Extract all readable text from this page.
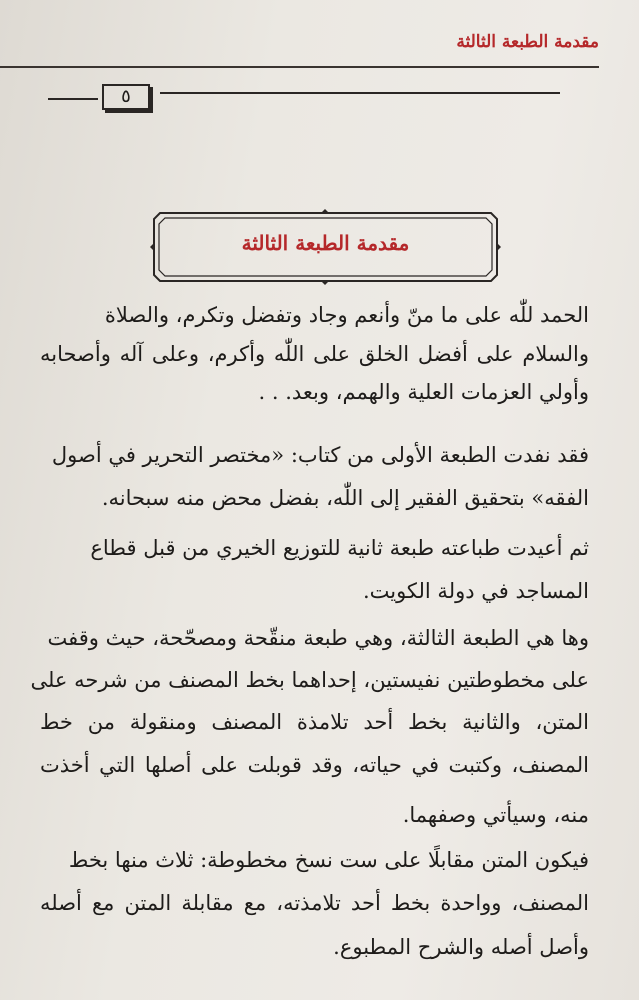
مقدمة الطبعة الثالثة
٥
مقدمة الطبعة الثالثة
الحمد للّٰه على ما منّ وأنعم وجاد وتفضل وتكرم، والصلاة
والسلام على أفضل الخلق على اللّٰه وأكرم، وعلى آله وأصحابه
وأولي العزمات العلية والهمم، وبعد. . .
فقد نفدت الطبعة الأولى من كتاب: «مختصر التحرير في أصول
الفقه» بتحقيق الفقير إلى اللّٰه، بفضل محض منه سبحانه.
ثم أعيدت طباعته طبعة ثانية للتوزيع الخيري من قبل قطاع
المساجد في دولة الكويت.
وها هي الطبعة الثالثة، وهي طبعة منقّحة ومصحّحة، حيث وقفت
على مخطوطتين نفيستين، إحداهما بخط المصنف من شرحه على
المتن، والثانية بخط أحد تلامذة المصنف ومنقولة من خط
المصنف، وكتبت في حياته، وقد قوبلت على أصلها التي أخذت
منه، وسيأتي وصفهما.
فيكون المتن مقابلًا على ست نسخ مخطوطة: ثلاث منها بخط
المصنف، وواحدة بخط أحد تلامذته، مع مقابلة المتن مع أصله
وأصل أصله والشرح المطبوع.
